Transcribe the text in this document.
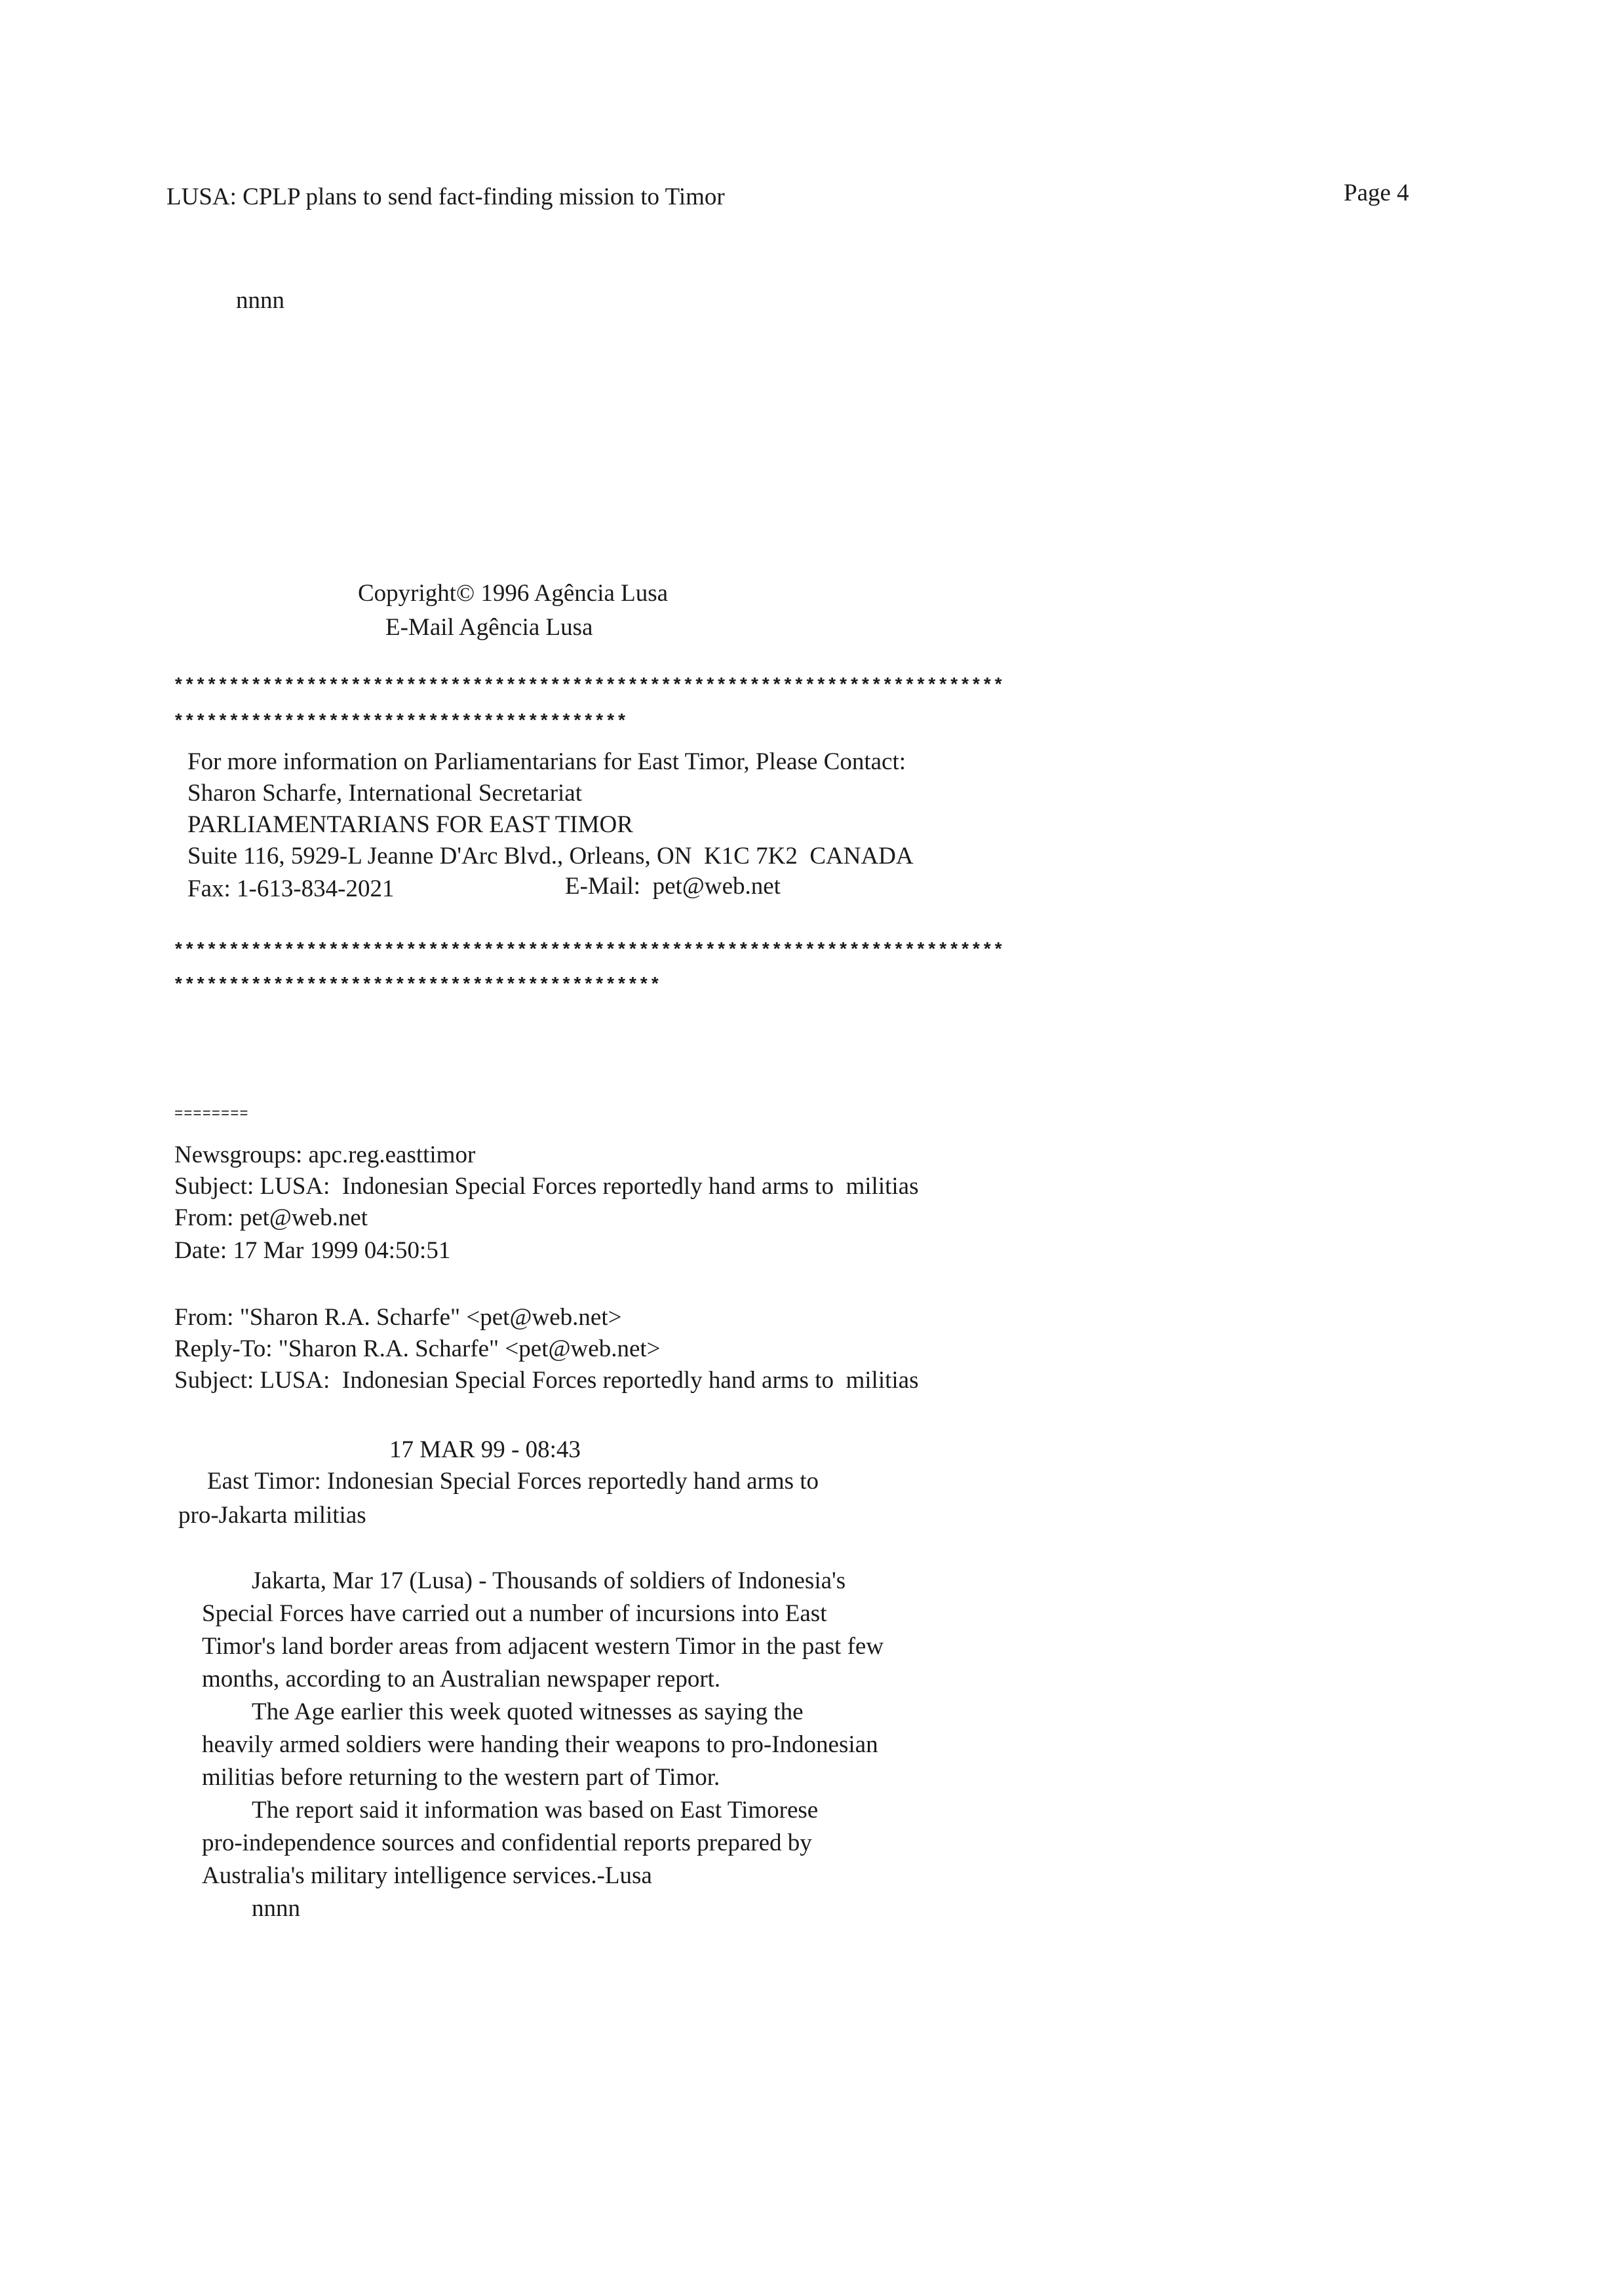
LUSA: CPLP plans to send fact-finding mission to Timor	Page 4
nnnn
Copyright© 1996 Agência Lusa
E-Mail Agência Lusa
***************************************************************************
*****************************************
For more information on Parliamentarians for East Timor, Please Contact:
Sharon Scharfe, International Secretariat
PARLIAMENTARIANS FOR EAST TIMOR
Suite 116, 5929-L Jeanne D'Arc Blvd., Orleans, ON  K1C 7K2  CANADA
Fax: 1-613-834-2021	E-Mail:  pet@web.net
***************************************************************************
********************************************
========
Newsgroups: apc.reg.easttimor
Subject: LUSA:  Indonesian Special Forces reportedly hand arms to  militias
From: pet@web.net
Date: 17 Mar 1999 04:50:51
From: "Sharon R.A. Scharfe" <pet@web.net>
Reply-To: "Sharon R.A. Scharfe" <pet@web.net>
Subject: LUSA:  Indonesian Special Forces reportedly hand arms to  militias
17 MAR 99 - 08:43
East Timor: Indonesian Special Forces reportedly hand arms to
pro-Jakarta militias
Jakarta, Mar 17 (Lusa) - Thousands of soldiers of Indonesia's
Special Forces have carried out a number of incursions into East
Timor's land border areas from adjacent western Timor in the past few
months, according to an Australian newspaper report.
The Age earlier this week quoted witnesses as saying the
heavily armed soldiers were handing their weapons to pro-Indonesian
militias before returning to the western part of Timor.
The report said it information was based on East Timorese
pro-independence sources and confidential reports prepared by
Australia's military intelligence services.-Lusa
nnnn
